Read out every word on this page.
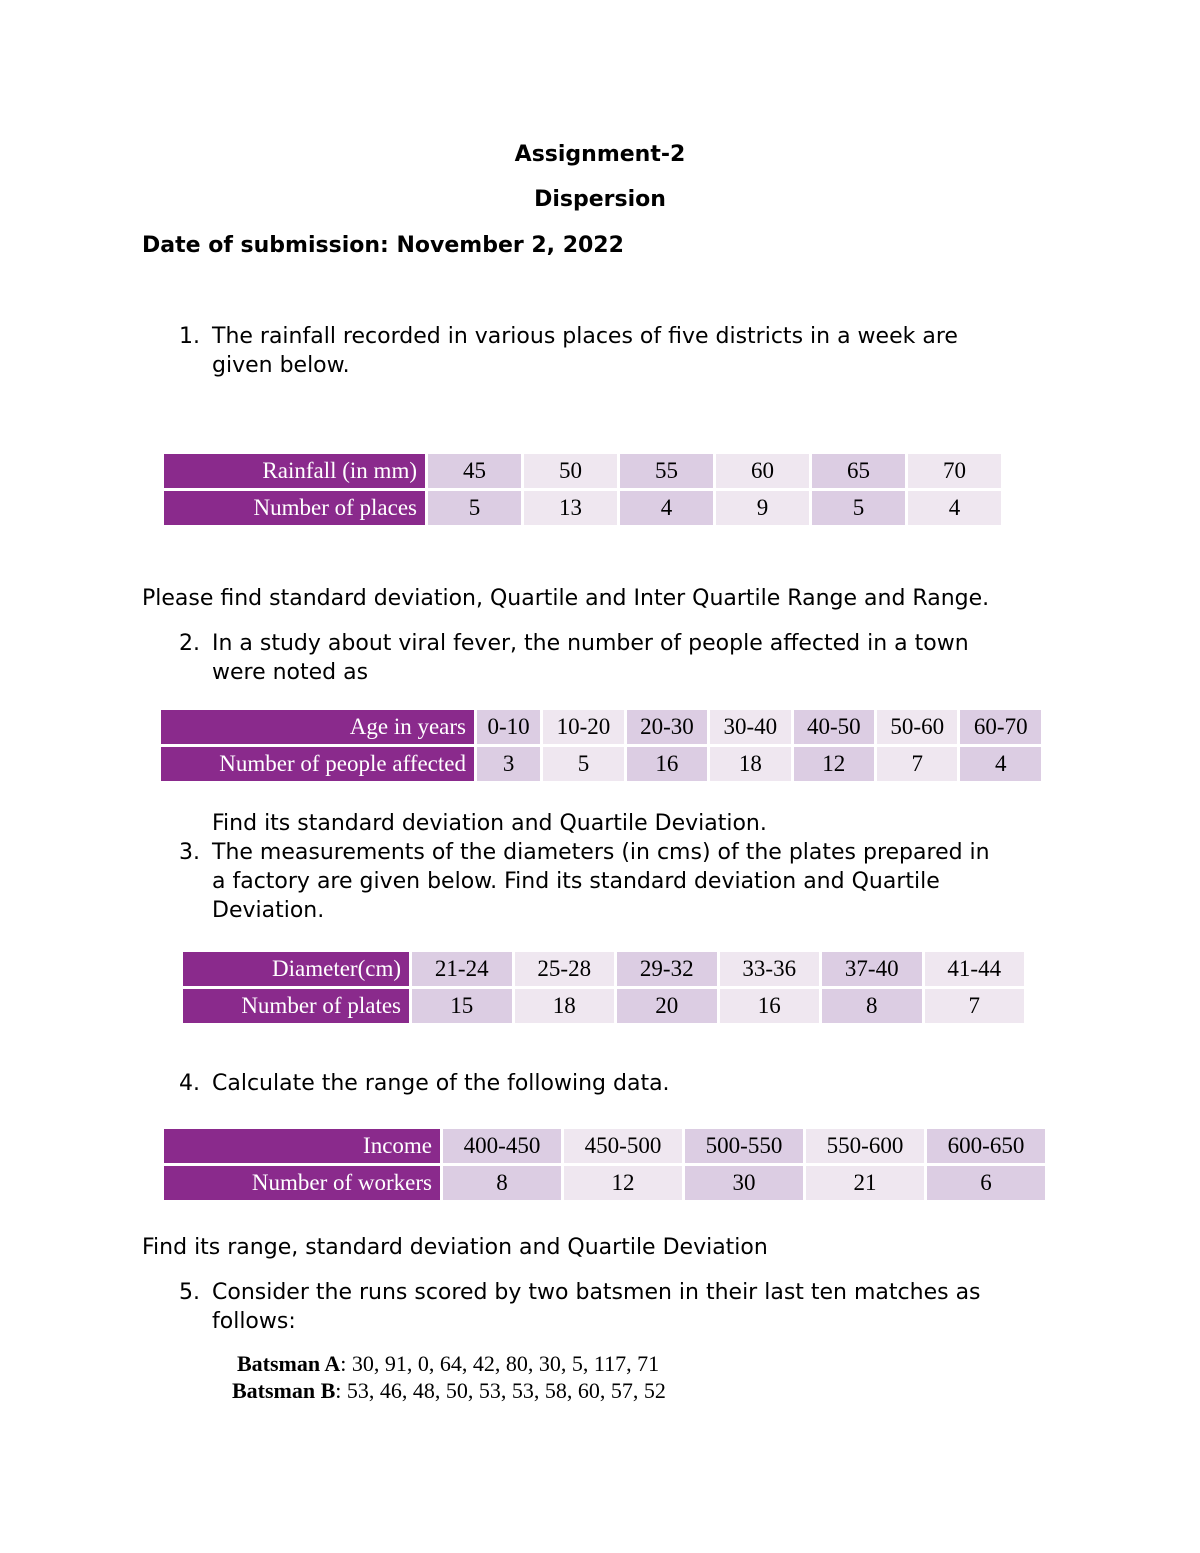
Assignment-2
Dispersion
Date of submission: November 2, 2022
1. The rainfall recorded in various places of five districts in a week are
given below.
Rainfall (in mm)	45	50	55	60	65	70
Number of places	5	13	4	9	5	4
Please find standard deviation, Quartile and Inter Quartile Range and Range.
2. In a study about viral fever, the number of people affected in a town
were noted as
Age in years	0-10	10-20	20-30	30-40	40-50	50-60	60-70
Number of people affected	3	5	16	18	12	7	4
Find its standard deviation and Quartile Deviation.
3. The measurements of the diameters (in cms) of the plates prepared in
a factory are given below. Find its standard deviation and Quartile
Deviation.
Diameter(cm)	21-24	25-28	29-32	33-36	37-40	41-44
Number of plates	15	18	20	16	8	7
4. Calculate the range of the following data.
Income	400-450	450-500	500-550	550-600	600-650
Number of workers	8	12	30	21	6
Find its range, standard deviation and Quartile Deviation
5. Consider the runs scored by two batsmen in their last ten matches as
follows:
Batsman A: 30, 91, 0, 64, 42, 80, 30, 5, 117, 71
Batsman B: 53, 46, 48, 50, 53, 53, 58, 60, 57, 52
